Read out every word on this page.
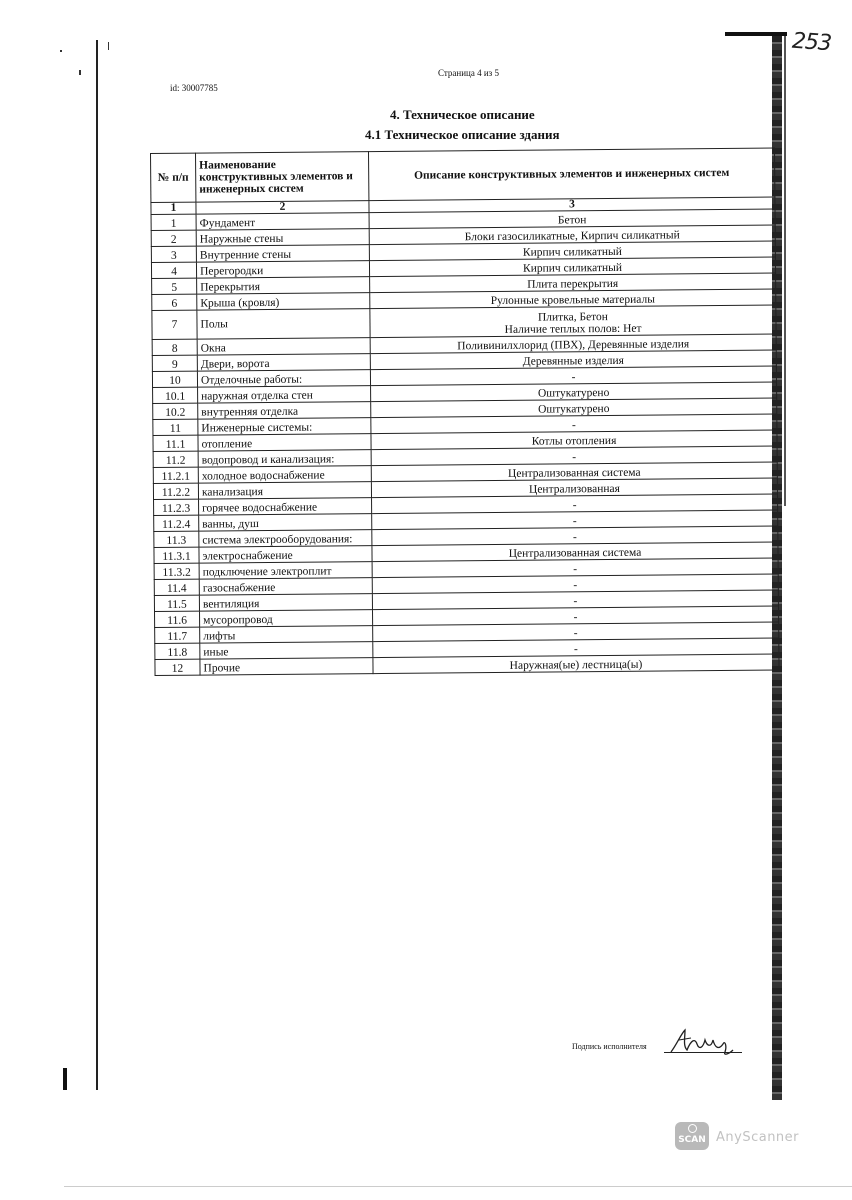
253
Страница 4 из 5
id: 30007785
4. Техническое описание
4.1 Техническое описание здания
№ п/п	Наименование конструктивных элементов и инженерных систем	Описание конструктивных элементов и инженерных систем
1	2	3
1	Фундамент	Бетон
2	Наружные стены	Блоки газосиликатные, Кирпич силикатный
3	Внутренние стены	Кирпич силикатный
4	Перегородки	Кирпич силикатный
5	Перекрытия	Плита перекрытия
6	Крыша (кровля)	Рулонные кровельные материалы
7	Полы	Плитка, Бетон
Наличие теплых полов: Нет

8	Окна	Поливинилхлорид (ПВХ), Деревянные изделия
9	Двери, ворота	Деревянные изделия
10	Отделочные работы:	-
10.1	наружная отделка стен	Оштукатурено
10.2	внутренняя отделка	Оштукатурено
11	Инженерные системы:	-
11.1	отопление	Котлы отопления
11.2	водопровод и канализация:	-
11.2.1	холодное водоснабжение	Централизованная система
11.2.2	канализация	Централизованная
11.2.3	горячее водоснабжение	-
11.2.4	ванны, душ	-
11.3	система электрооборудования:	-
11.3.1	электроснабжение	Централизованная система
11.3.2	подключение электроплит	-
11.4	газоснабжение	-
11.5	вентиляция	-
11.6	мусоропровод	-
11.7	лифты	-
11.8	иные	-
12	Прочие	Наружная(ые) лестница(ы)
Подпись исполнителя
SCAN AnyScanner
